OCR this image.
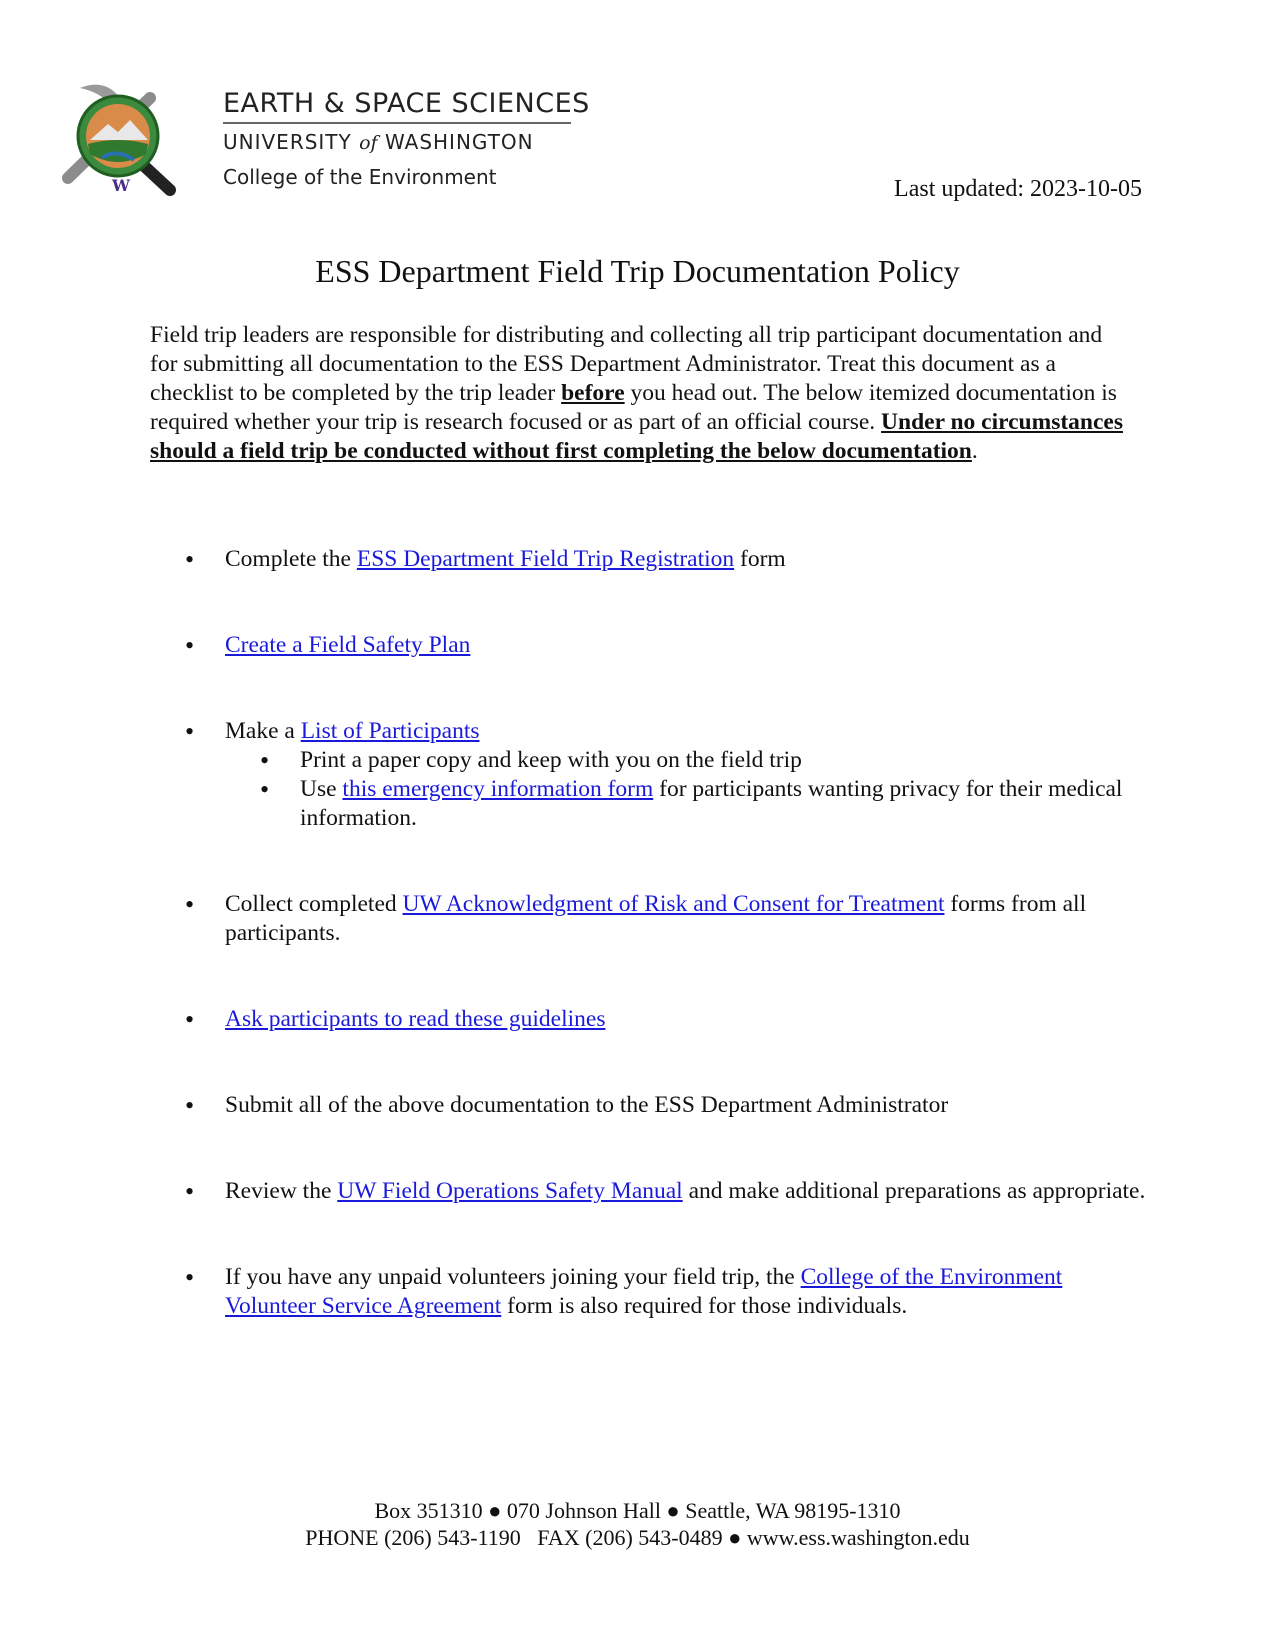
W
EARTH & SPACE SCIENCES
UNIVERSITY of WASHINGTON
College of the Environment	Last updated: 2023-10-05
ESS Department Field Trip Documentation Policy

Field trip leaders are responsible for distributing and collecting all trip participant documentation and for submitting all documentation to the ESS Department Administrator. Treat this document as a checklist to be completed by the trip leader before you head out. The below itemized documentation is required whether your trip is research focused or as part of an official course. Under no circumstances should a field trip be conducted without first completing the below documentation.

• Complete the ESS Department Field Trip Registration form
• Create a Field Safety Plan
• Make a List of Participants
• Print a paper copy and keep with you on the field trip
• Use this emergency information form for participants wanting privacy for their medical information.
• Collect completed UW Acknowledgment of Risk and Consent for Treatment forms from all participants.
• Ask participants to read these guidelines
• Submit all of the above documentation to the ESS Department Administrator
• Review the UW Field Operations Safety Manual and make additional preparations as appropriate.
• If you have any unpaid volunteers joining your field trip, the College of the Environment Volunteer Service Agreement form is also required for those individuals.
Box 351310 ● 070 Johnson Hall ● Seattle, WA 98195-1310
PHONE (206) 543-1190   FAX (206) 543-0489 ● www.ess.washington.edu
